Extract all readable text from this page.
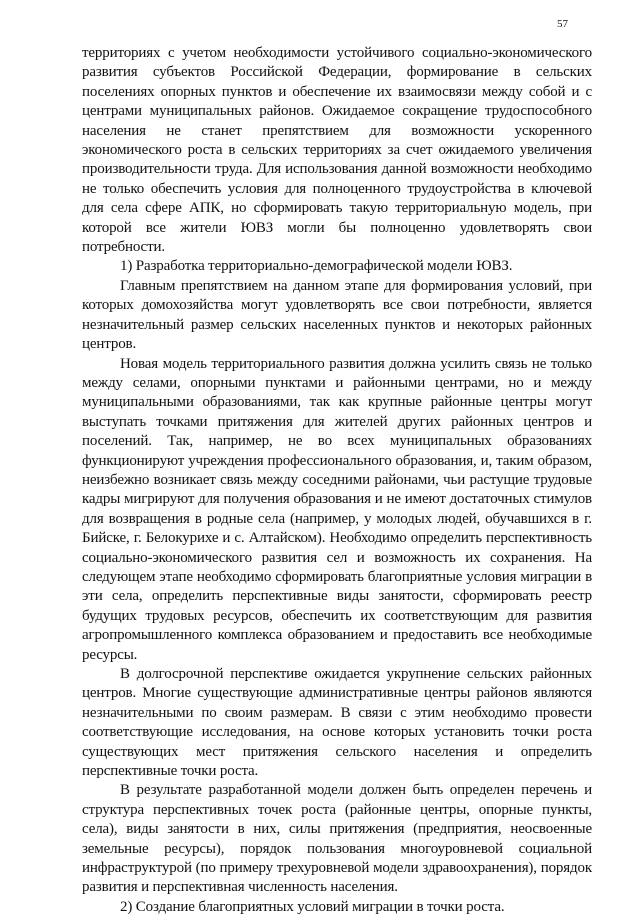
57

территориях с учетом необходимости устойчивого социально-экономического развития субъектов Российской Федерации, формирование в сельских поселениях опорных пунктов и обеспечение их взаимосвязи между собой и с центрами муниципальных районов. Ожидаемое сокращение трудоспособного населения не станет препятствием для возможности ускоренного экономического роста в сельских территориях за счет ожидаемого увеличения производительности труда. Для использования данной возможности необходимо не только обеспечить условия для полноценного трудоустройства в ключевой для села сфере АПК, но сформировать такую территориальную модель, при которой все жители ЮВЗ могли бы полноценно удовлетворять свои потребности.

1) Разработка территориально-демографической модели ЮВЗ.

Главным препятствием на данном этапе для формирования условий, при которых домохозяйства могут удовлетворять все свои потребности, является незначительный размер сельских населенных пунктов и некоторых районных центров.

Новая модель территориального развития должна усилить связь не только между селами, опорными пунктами и районными центрами, но и между муниципальными образованиями, так как крупные районные центры могут выступать точками притяжения для жителей других районных центров и поселений. Так, например, не во всех муниципальных образованиях функционируют учреждения профессионального образования, и, таким образом, неизбежно возникает связь между соседними районами, чьи растущие трудовые кадры мигрируют для получения образования и не имеют достаточных стимулов для возвращения в родные села (например, у молодых людей, обучавшихся в г. Бийске, г. Белокурихе и с. Алтайском). Необходимо определить перспективность социально-экономического развития сел и возможность их сохранения. На следующем этапе необходимо сформировать благоприятные условия миграции в эти села, определить перспективные виды занятости, сформировать реестр будущих трудовых ресурсов, обеспечить их соответствующим для развития агропромышленного комплекса образованием и предоставить все необходимые ресурсы.

В долгосрочной перспективе ожидается укрупнение сельских районных центров. Многие существующие административные центры районов являются незначительными по своим размерам. В связи с этим необходимо провести соответствующие исследования, на основе которых установить точки роста существующих мест притяжения сельского населения и определить перспективные точки роста.

В результате разработанной модели должен быть определен перечень и структура перспективных точек роста (районные центры, опорные пункты, села), виды занятости в них, силы притяжения (предприятия, неосвоенные земельные ресурсы), порядок пользования многоуровневой социальной инфраструктурой (по примеру трехуровневой модели здравоохранения), порядок развития и перспективная численность населения.

2) Создание благоприятных условий миграции в точки роста.
